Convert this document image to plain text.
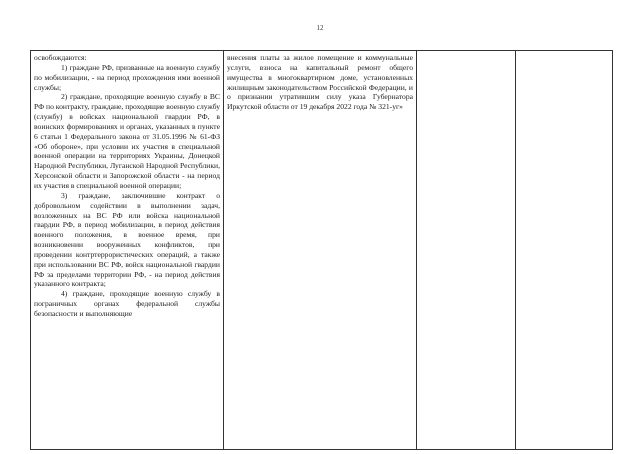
12

освобождаются:

1) граждане РФ, призванные на военную службу по мобилизации, - на период прохождения ими военной службы;

2) граждане, проходящие военную службу в ВС РФ по контракту, граждане, проходящие военную службу (службу) в войсках национальной гвардии РФ, в воинских формированиях и органах, указанных в пункте 6 статьи 1 Федерального закона от 31.05.1996 № 61-ФЗ «Об обороне», при условии их участия в специальной военной операции на территориях Украины, Донецкой Народной Республики, Луганской Народной Республики, Херсонской области и Запорожской области - на период их участия в специальной военной операции;

3) граждане, заключившие контракт о добровольном содействии в выполнении задач, возложенных на ВС РФ или войска национальной гвардии РФ, в период мобилизации, в период действия военного положения, в военное время, при возникновении вооруженных конфликтов, при проведении контртеррористических операций, а также при использовании ВС РФ, войск национальной гвардии РФ за пределами территории РФ, - на период действия указанного контракта;

4) граждане, проходящие военную службу в пограничных органах федеральной службы безопасности и выполняющие

внесения платы за жилое помещение и коммунальные услуги, взноса на капитальный ремонт общего имущества в многоквартирном доме, установленных жилищным законодательством Российской Федерации, и о признании утратившим силу указа Губернатора Иркутской области от 19 декабря 2022 года № 321-уг»
